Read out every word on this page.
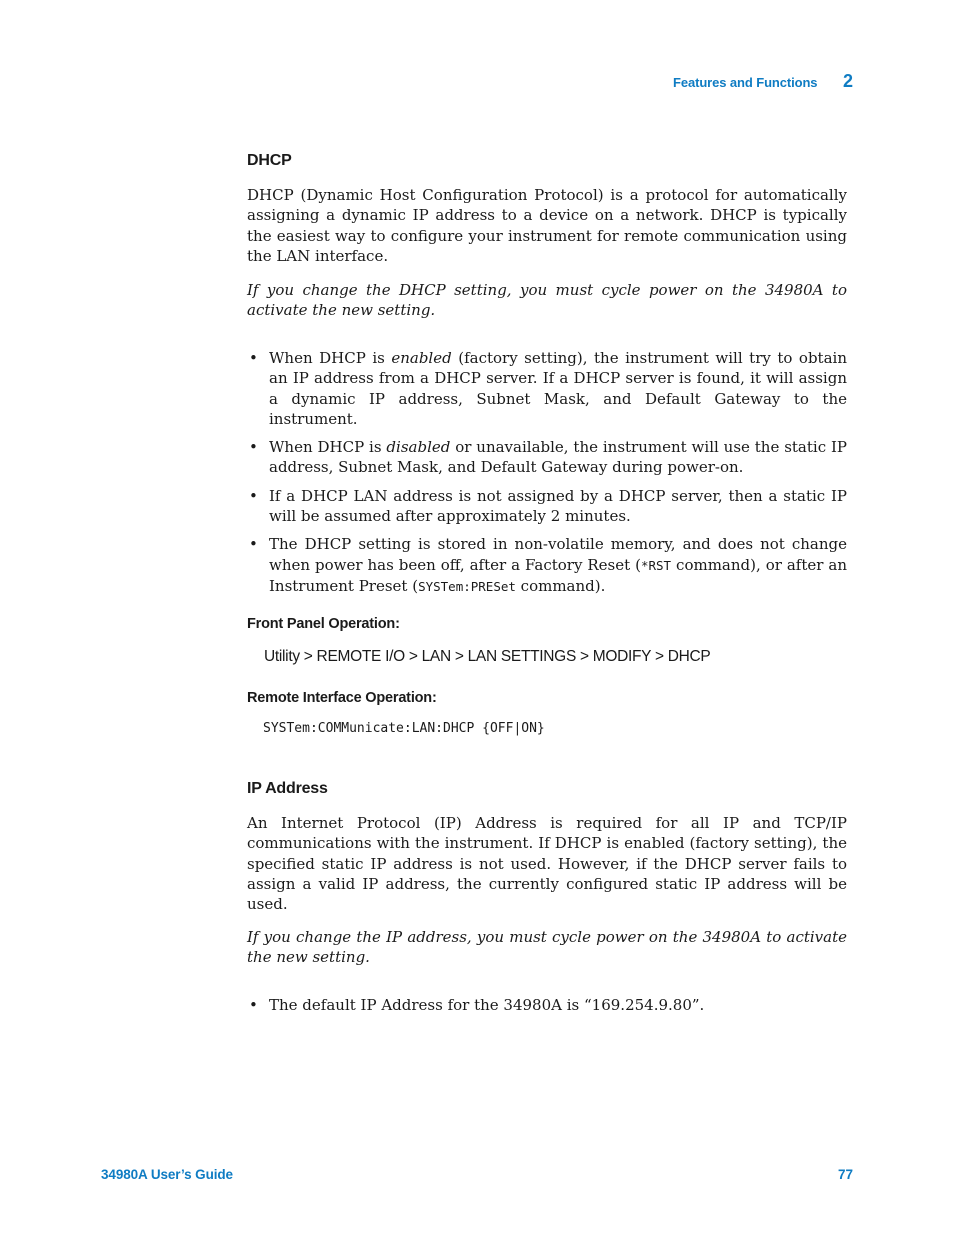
Features and Functions 2
DHCP

DHCP (Dynamic Host Configuration Protocol) is a protocol for automatically assigning a dynamic IP address to a device on a network. DHCP is typically the easiest way to configure your instrument for remote communication using the LAN interface.

If you change the DHCP setting, you must cycle power on the 34980A to activate the new setting.

• When DHCP is enabled (factory setting), the instrument will try to obtain an IP address from a DHCP server. If a DHCP server is found, it will assign a dynamic IP address, Subnet Mask, and Default Gateway to the instrument.
• When DHCP is disabled or unavailable, the instrument will use the static IP address, Subnet Mask, and Default Gateway during power-on.
• If a DHCP LAN address is not assigned by a DHCP server, then a static IP will be assumed after approximately 2 minutes.
• The DHCP setting is stored in non-volatile memory, and does not change when power has been off, after a Factory Reset (*RST command), or after an Instrument Preset (SYSTem:PRESet command).
Front Panel Operation:

Utility > REMOTE I/O > LAN > LAN SETTINGS > MODIFY > DHCP

Remote Interface Operation:

SYSTem:COMMunicate:LAN:DHCP {OFF|ON}

IP Address

An Internet Protocol (IP) Address is required for all IP and TCP/IP communications with the instrument. If DHCP is enabled (factory setting), the specified static IP address is not used. However, if the DHCP server fails to assign a valid IP address, the currently configured static IP address will be used.

If you change the IP address, you must cycle power on the 34980A to activate the new setting.

• The default IP Address for the 34980A is “169.254.9.80”.
34980A User’s Guide	77
